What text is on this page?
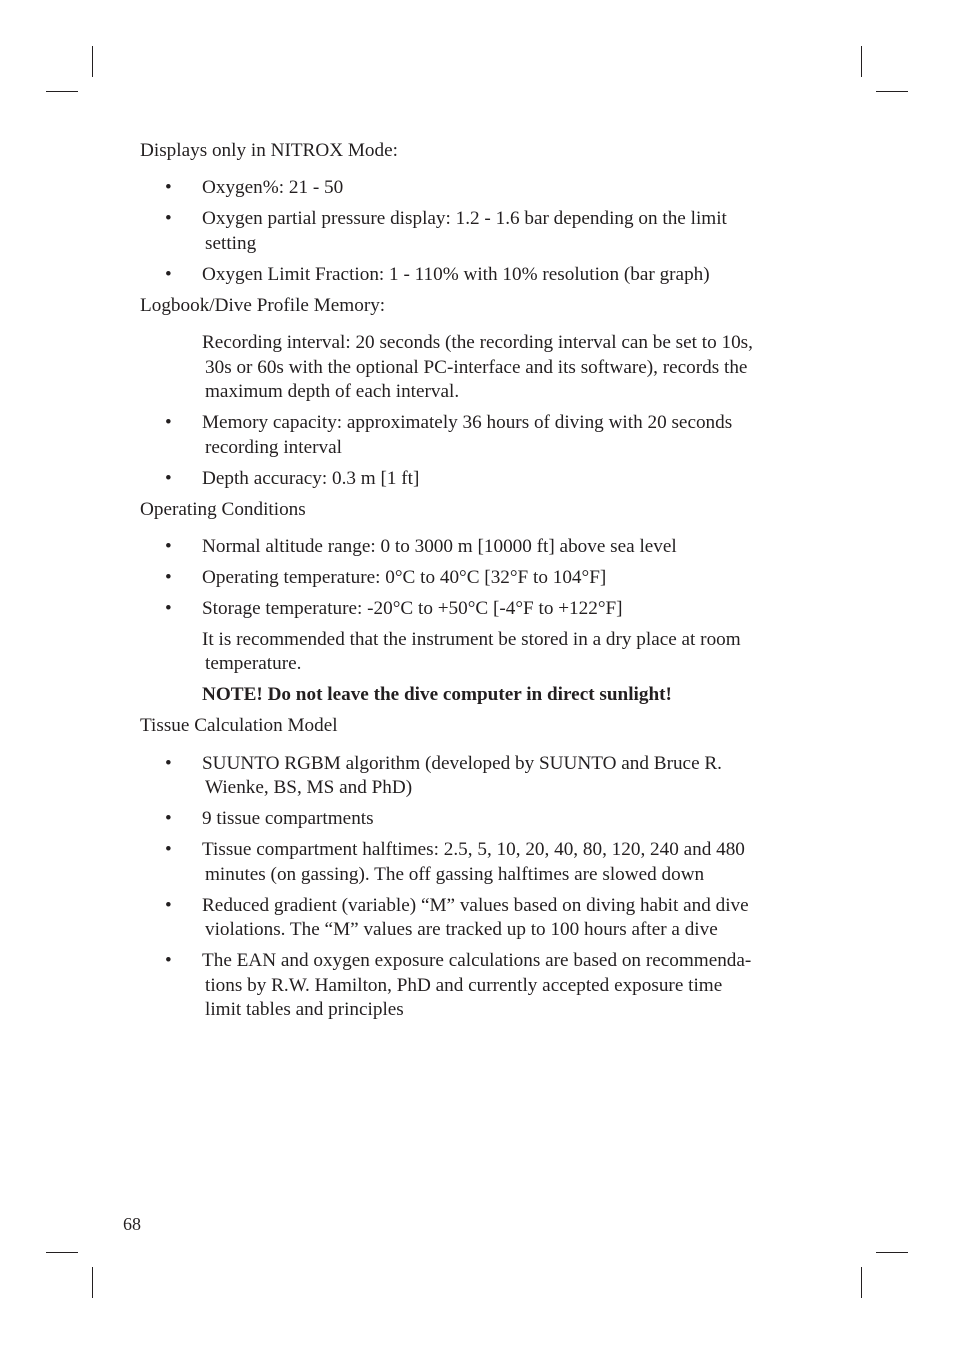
Displays only in NITROX Mode:

• Oxygen%: 21 - 50
• Oxygen partial pressure display: 1.2 - 1.6 bar depending on the limit
setting
• Oxygen Limit Fraction: 1 - 110% with 10% resolution (bar graph)

Logbook/Dive Profile Memory:

Recording interval: 20 seconds (the recording interval can be set to 10s,
30s or 60s with the optional PC-interface and its software), records the
maximum depth of each interval.
• Memory capacity: approximately 36 hours of diving with 20 seconds
recording interval
• Depth accuracy: 0.3 m [1 ft]

Operating Conditions

• Normal altitude range: 0 to 3000 m [10000 ft] above sea level
• Operating temperature: 0°C to 40°C [32°F to 104°F]
• Storage temperature: -20°C to +50°C [-4°F to +122°F]
It is recommended that the instrument be stored in a dry place at room
temperature.
NOTE! Do not leave the dive computer in direct sunlight!

Tissue Calculation Model

• SUUNTO RGBM algorithm (developed by SUUNTO and Bruce R.
Wienke, BS, MS and PhD)
• 9 tissue compartments
• Tissue compartment halftimes: 2.5, 5, 10, 20, 40, 80, 120, 240 and 480
minutes (on gassing). The off gassing halftimes are slowed down
• Reduced gradient (variable) “M” values based on diving habit and dive
violations. The “M” values are tracked up to 100 hours after a dive
• The EAN and oxygen exposure calculations are based on recommenda-
tions by R.W. Hamilton, PhD and currently accepted exposure time
limit tables and principles
68
